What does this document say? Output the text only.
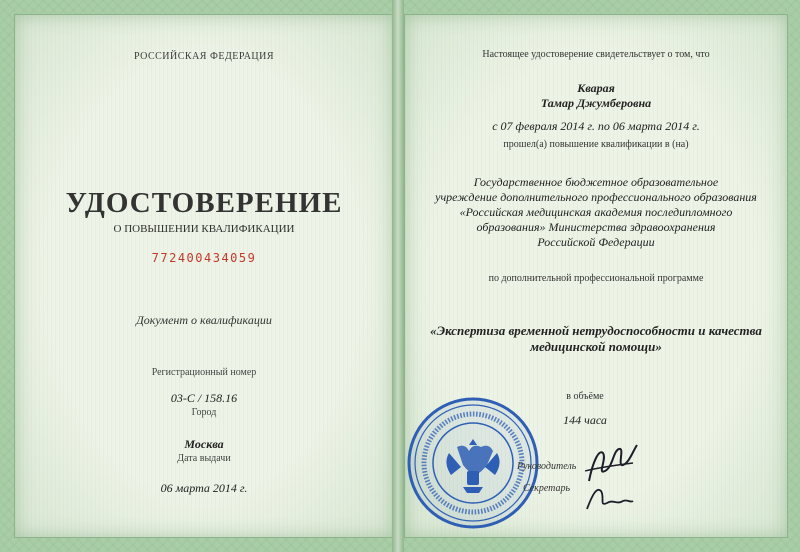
РОССИЙСКАЯ ФЕДЕРАЦИЯ
УДОСТОВЕРЕНИЕ
О ПОВЫШЕНИИ КВАЛИФИКАЦИИ
772400434059
Документ о квалификации
Регистрационный номер
03-С / 158.16
Город
Москва
Дата выдачи
06 марта 2014 г.
Настоящее удостоверение свидетельствует о том, что
Кварая
Тамар Джумберовна
с 07 февраля 2014 г. по 06 марта 2014 г.
прошел(а) повышение квалификации в (на)
Государственное бюджетное образовательное
учреждение дополнительного профессионального образования
«Российская медицинская академия последипломного
образования» Министерства здравоохранения
Российской Федерации
по дополнительной профессиональной программе
«Экспертиза временной нетрудоспособности и качества
медицинской помощи»
в объёме
144 часа
Руководитель
Секретарь
